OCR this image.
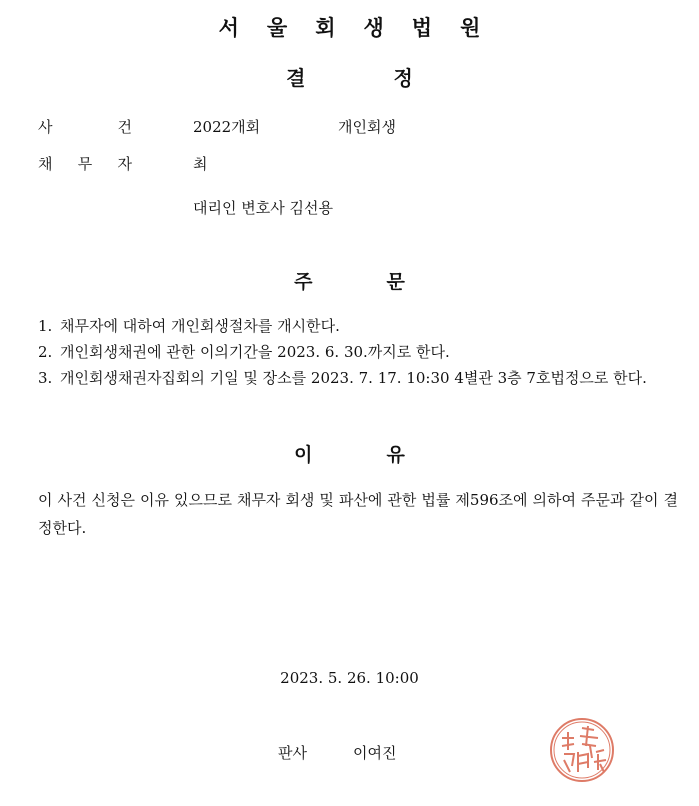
서울회생법원
결정
사	건	2022개회	개인회생
채 무 자	최
대리인 변호사 김선용
주문
1. 채무자에 대하여 개인회생절차를 개시한다.
2. 개인회생채권에 관한 이의기간을 2023. 6. 30.까지로 한다.
3. 개인회생채권자집회의 기일 및 장소를 2023. 7. 17. 10:30 4별관 3층 7호법정으로 한다.
이유
이 사건 신청은 이유 있으므로 채무자 회생 및 파산에 관한 법률 제596조에 의하여 주문과 같이 결정한다.
2023. 5. 26. 10:00
판사	이여진
